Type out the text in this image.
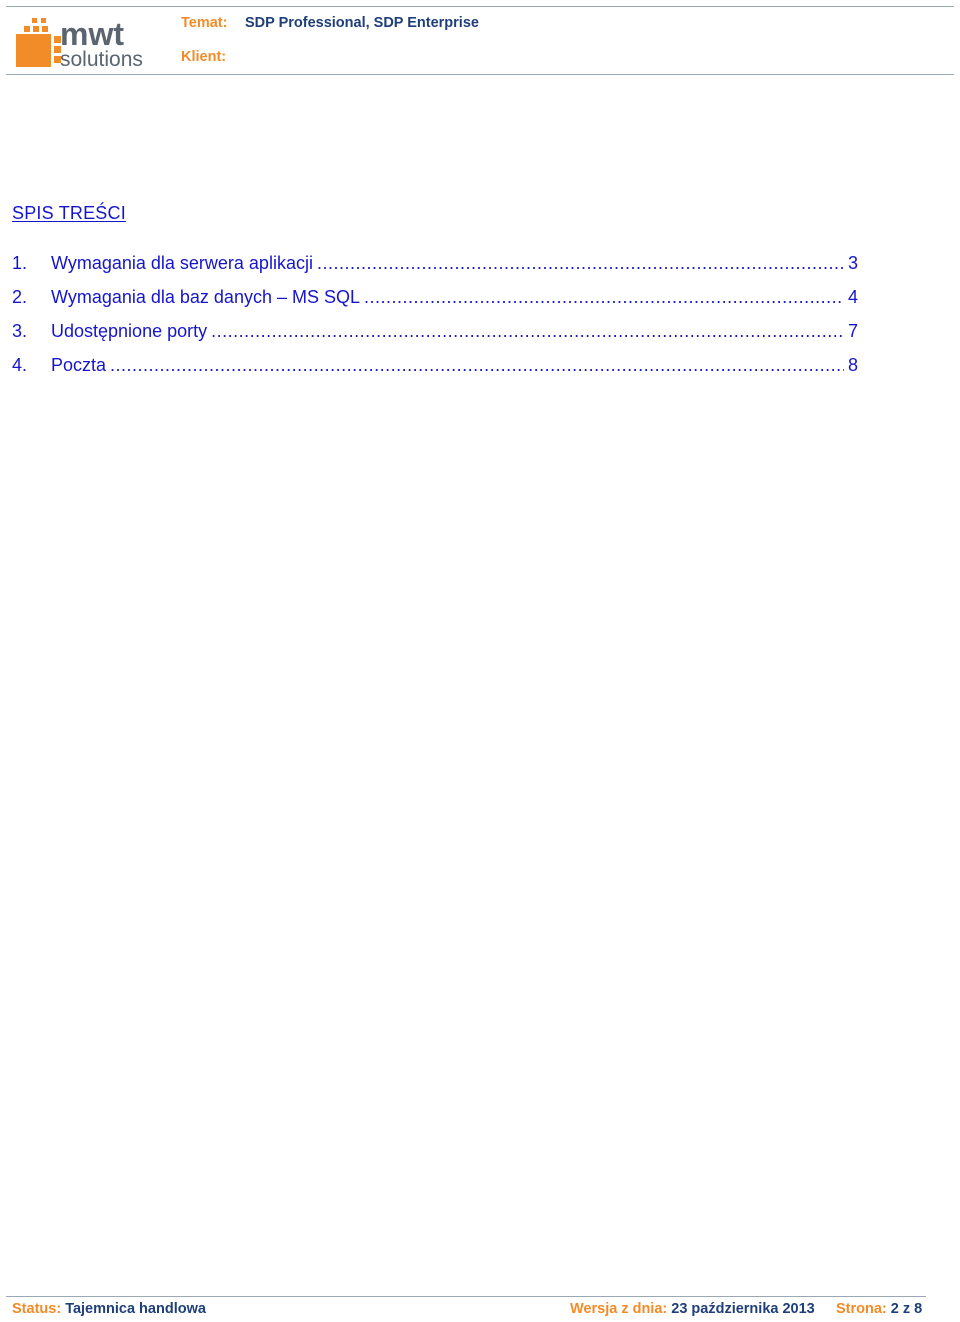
mwt
solutions
Temat: SDP Professional, SDP Enterprise
Klient:
SPIS TREŚCI
1.	Wymagania dla serwera aplikacji .....	3
2.	Wymagania dla baz danych – MS SQL .....	4
3.	Udostępnione porty .....	7
4.	Poczta .....	8
Status: Tajemnica handlowa	Wersja z dnia: 23 października 2013 Strona: 2 z 8
